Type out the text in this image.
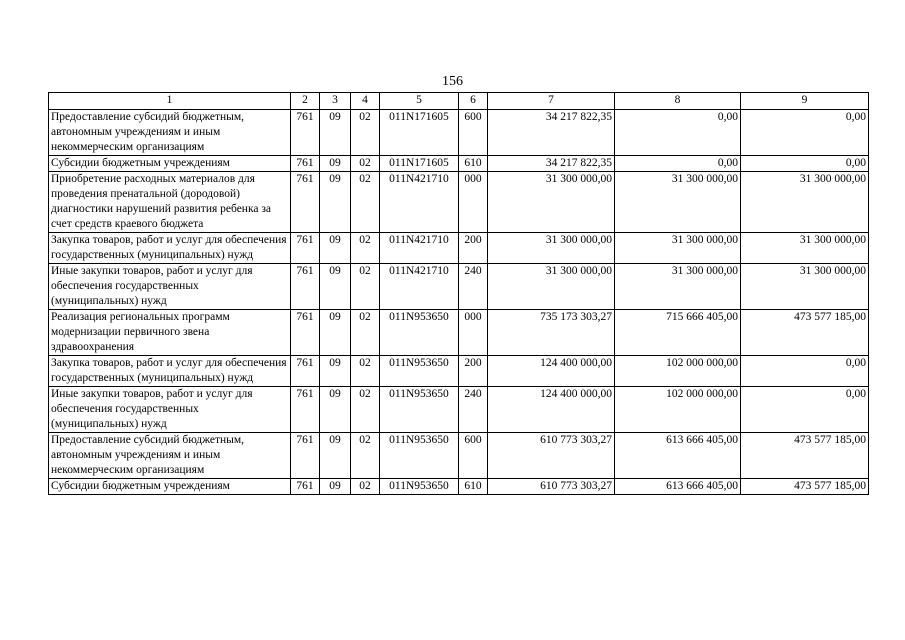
156
1	2	3	4	5	6	7	8	9
Предоставление субсидий бюджетным, автономным учреждениям и иным некоммерческим организациям	761	09	02	011N171605	600	34 217 822,35	0,00	0,00
Субсидии бюджетным учреждениям	761	09	02	011N171605	610	34 217 822,35	0,00	0,00
Приобретение расходных материалов для проведения пренатальной (дородовой) диагностики нарушений развития ребенка за счет средств краевого бюджета	761	09	02	011N421710	000	31 300 000,00	31 300 000,00	31 300 000,00
Закупка товаров, работ и услуг для обеспечения государственных (муниципальных) нужд	761	09	02	011N421710	200	31 300 000,00	31 300 000,00	31 300 000,00
Иные закупки товаров, работ и услуг для обеспечения государственных (муниципальных) нужд	761	09	02	011N421710	240	31 300 000,00	31 300 000,00	31 300 000,00
Реализация региональных программ модернизации первичного звена здравоохранения	761	09	02	011N953650	000	735 173 303,27	715 666 405,00	473 577 185,00
Закупка товаров, работ и услуг для обеспечения государственных (муниципальных) нужд	761	09	02	011N953650	200	124 400 000,00	102 000 000,00	0,00
Иные закупки товаров, работ и услуг для обеспечения государственных (муниципальных) нужд	761	09	02	011N953650	240	124 400 000,00	102 000 000,00	0,00
Предоставление субсидий бюджетным, автономным учреждениям и иным некоммерческим организациям	761	09	02	011N953650	600	610 773 303,27	613 666 405,00	473 577 185,00
Субсидии бюджетным учреждениям	761	09	02	011N953650	610	610 773 303,27	613 666 405,00	473 577 185,00
